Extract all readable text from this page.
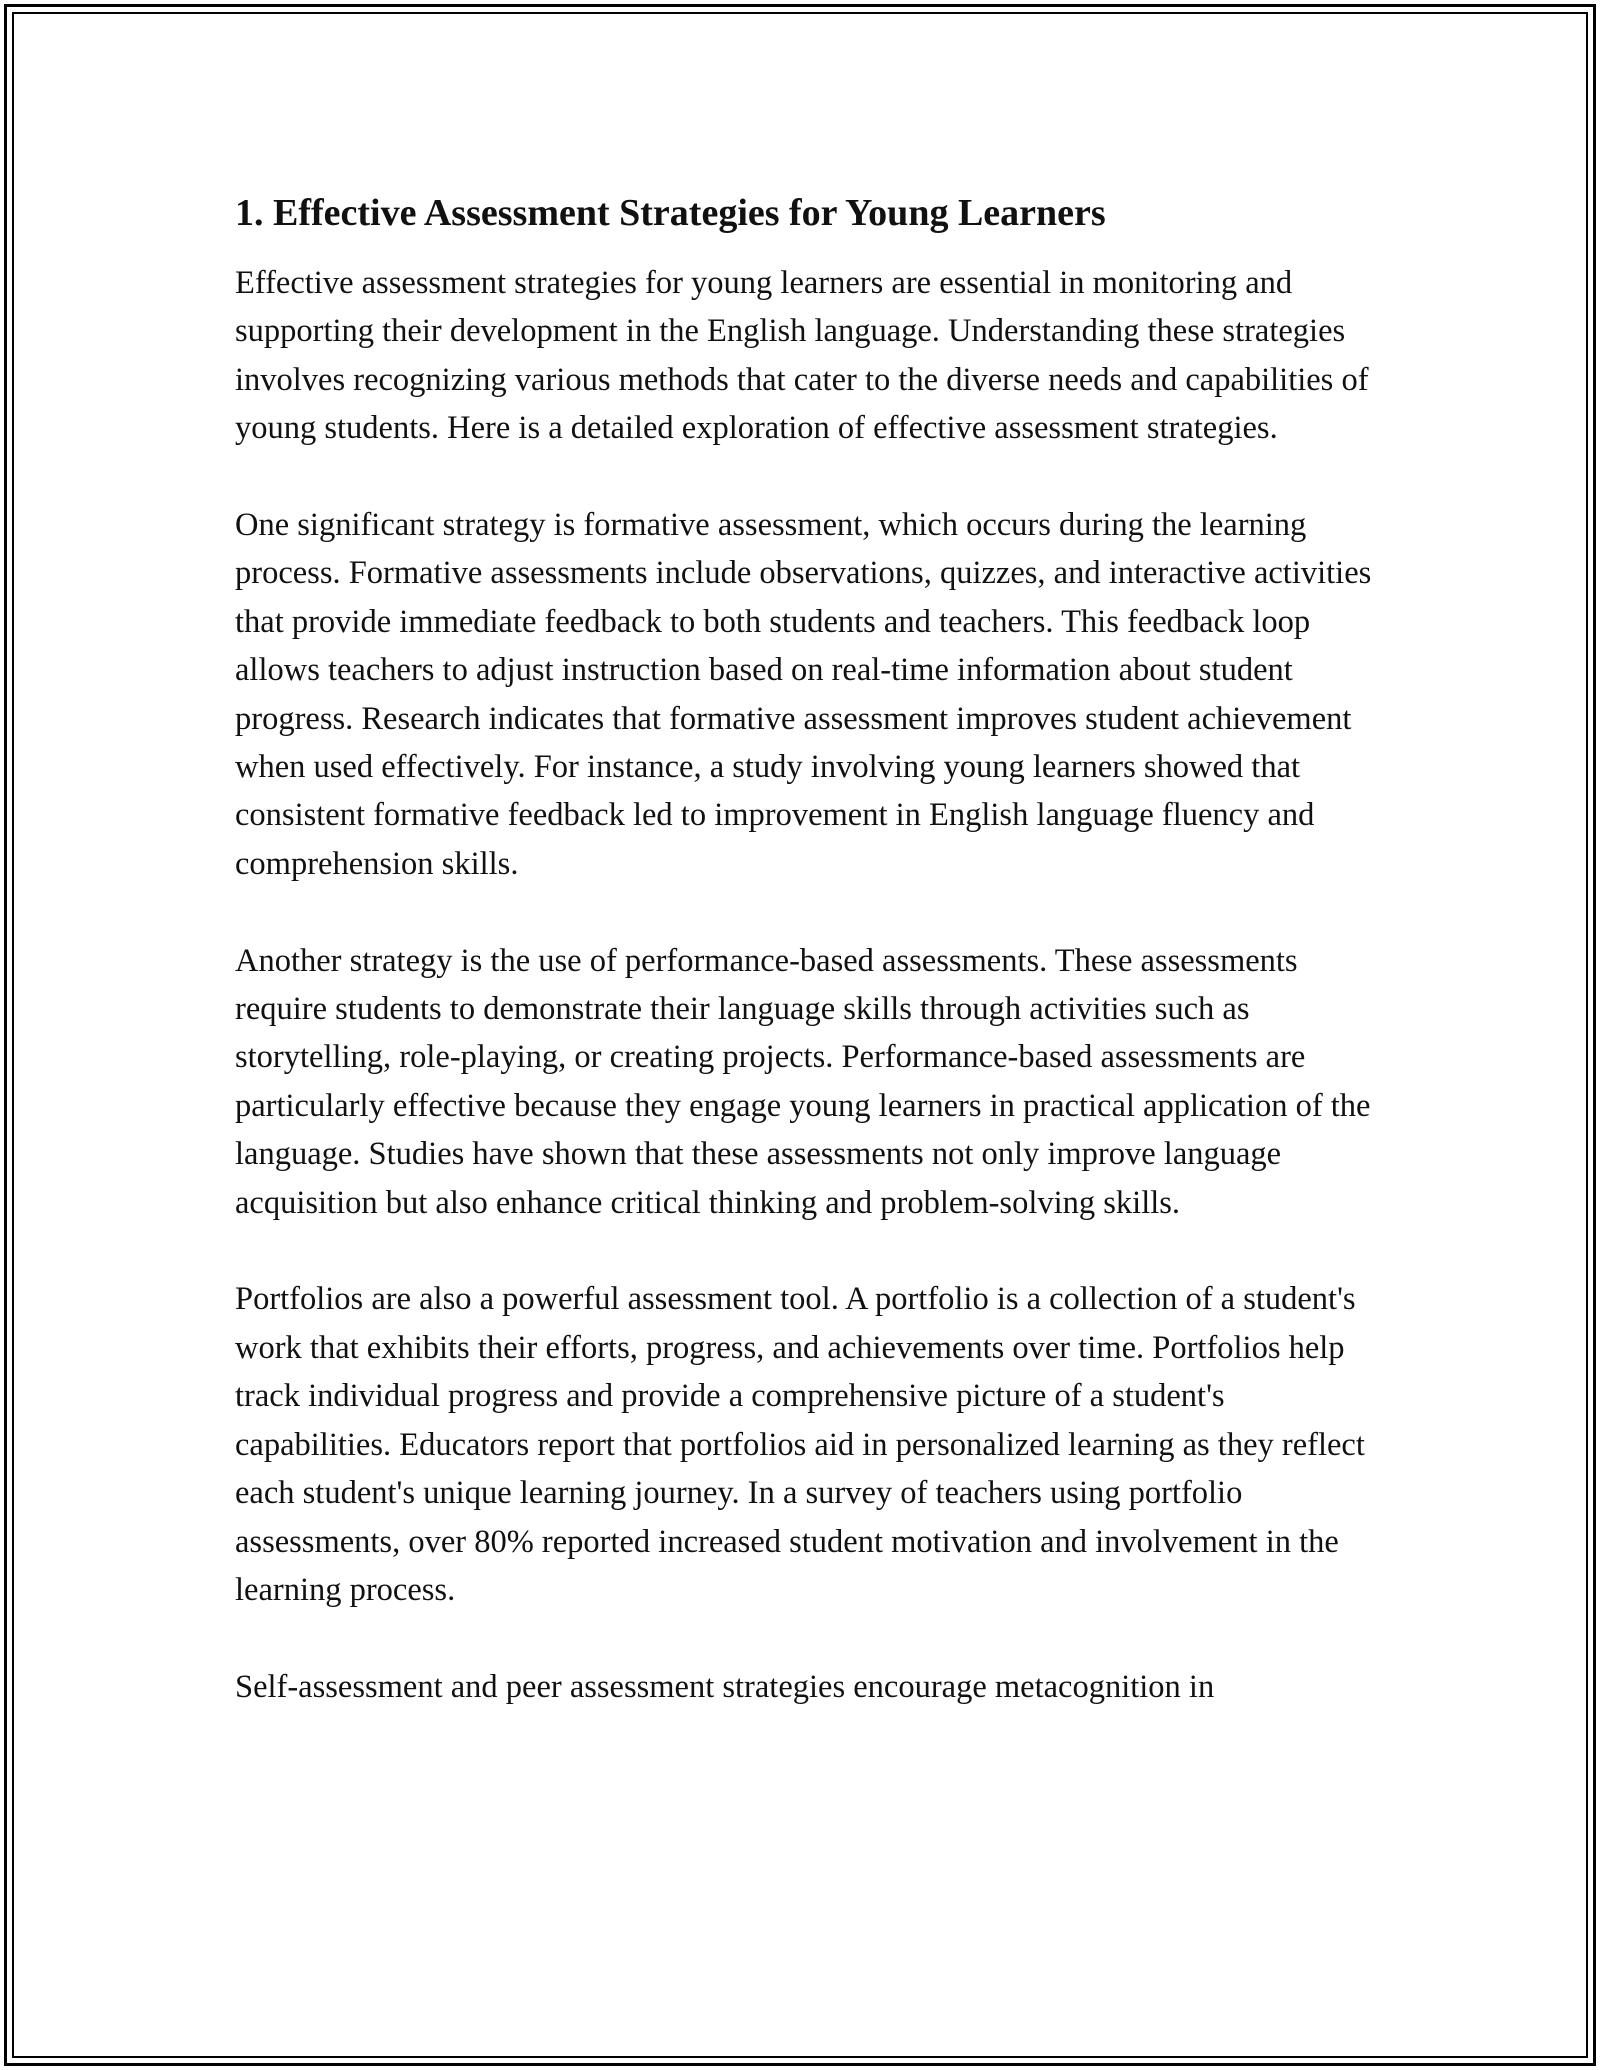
1. Effective Assessment Strategies for Young Learners

Effective assessment strategies for young learners are essential in monitoring and supporting their development in the English language. Understanding these strategies involves recognizing various methods that cater to the diverse needs and capabilities of young students. Here is a detailed exploration of effective assessment strategies.

One significant strategy is formative assessment, which occurs during the learning process. Formative assessments include observations, quizzes, and interactive activities that provide immediate feedback to both students and teachers. This feedback loop allows teachers to adjust instruction based on real-time information about student progress. Research indicates that formative assessment improves student achievement when used effectively. For instance, a study involving young learners showed that consistent formative feedback led to improvement in English language fluency and comprehension skills.

Another strategy is the use of performance-based assessments. These assessments require students to demonstrate their language skills through activities such as storytelling, role-playing, or creating projects. Performance-based assessments are particularly effective because they engage young learners in practical application of the language. Studies have shown that these assessments not only improve language acquisition but also enhance critical thinking and problem-solving skills.

Portfolios are also a powerful assessment tool. A portfolio is a collection of a student's work that exhibits their efforts, progress, and achievements over time. Portfolios help track individual progress and provide a comprehensive picture of a student's capabilities. Educators report that portfolios aid in personalized learning as they reflect each student's unique learning journey. In a survey of teachers using portfolio assessments, over 80% reported increased student motivation and involvement in the learning process.

Self-assessment and peer assessment strategies encourage metacognition in
